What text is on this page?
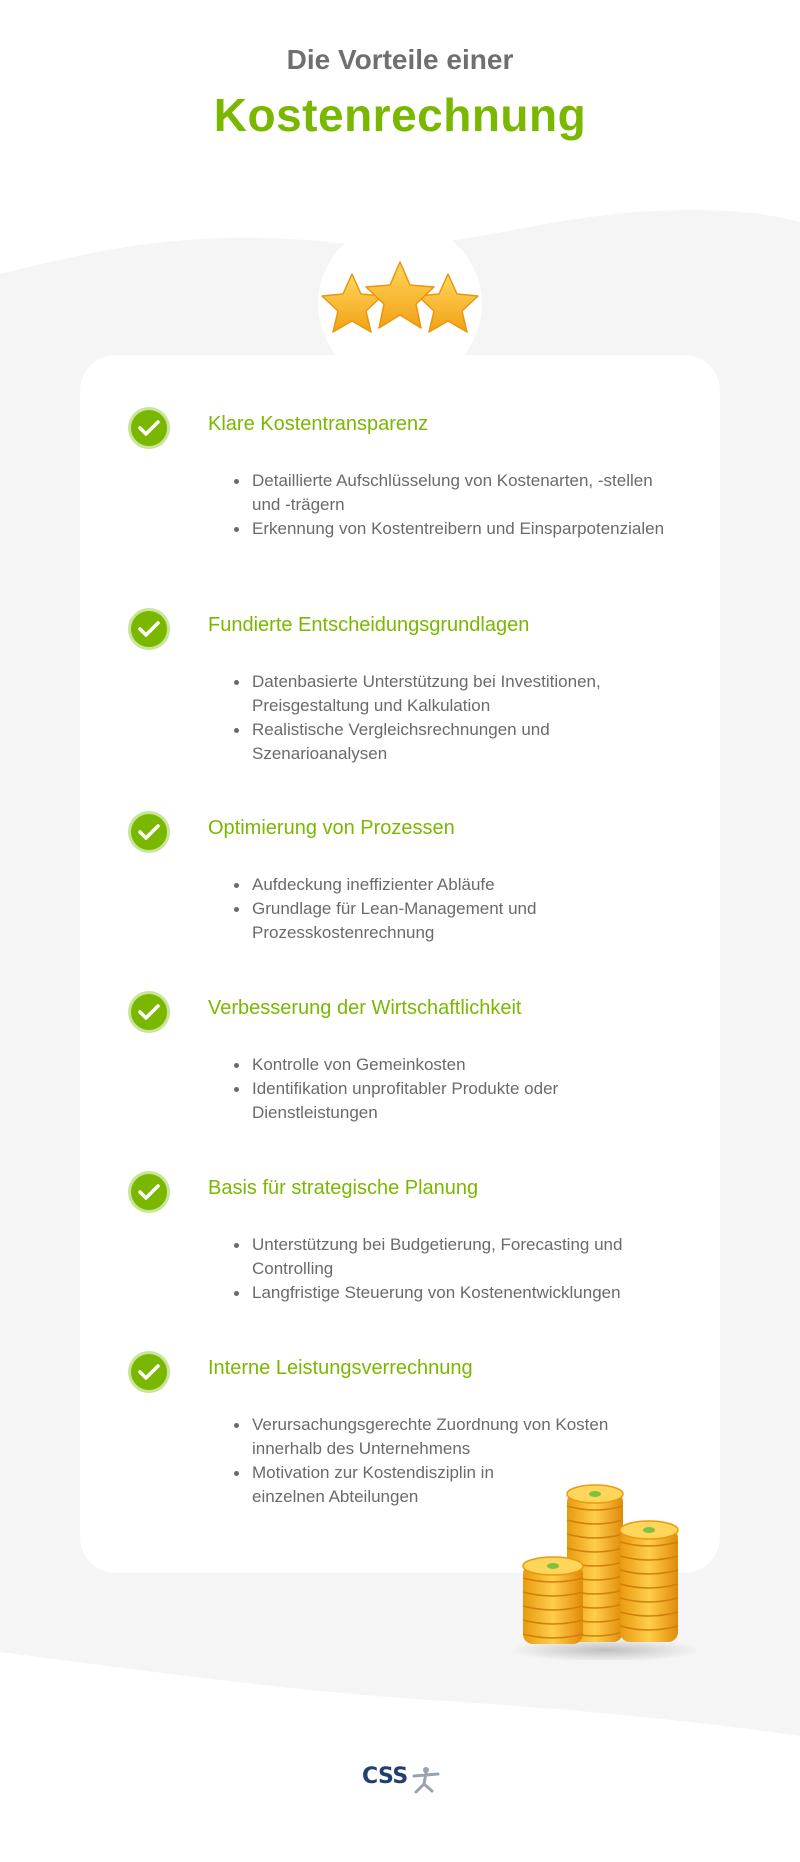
Die Vorteile einer
Kostenrechnung
Klare Kostentransparenz
Detaillierte Aufschlüsselung von Kostenarten, -stellen und -trägern
Erkennung von Kostentreibern und Einsparpotenzialen
Fundierte Entscheidungsgrundlagen
Datenbasierte Unterstützung bei Investitionen, Preisgestaltung und Kalkulation
Realistische Vergleichsrechnungen und Szenarioanalysen
Optimierung von Prozessen
Aufdeckung ineffizienter Abläufe
Grundlage für Lean-Management und Prozesskostenrechnung
Verbesserung der Wirtschaftlichkeit
Kontrolle von Gemeinkosten
Identifikation unprofitabler Produkte oder Dienstleistungen
Basis für strategische Planung
Unterstützung bei Budgetierung, Forecasting und Controlling
Langfristige Steuerung von Kostenentwicklungen
Interne Leistungsverrechnung
Verursachungsgerechte Zuordnung von Kosten innerhalb des Unternehmens
Motivation zur Kostendisziplin in einzelnen Abteilungen
CSS
